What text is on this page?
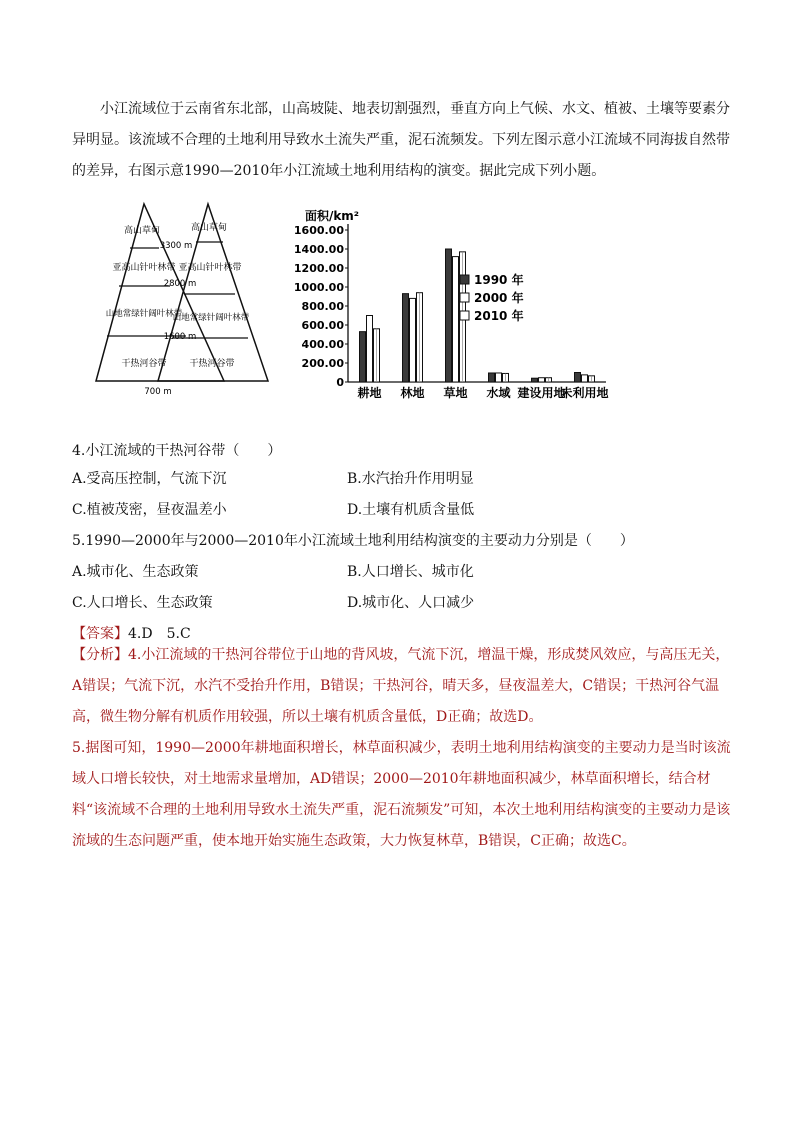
小江流域位于云南省东北部，山高坡陡、地表切割强烈，垂直方向上气候、水文、植被、土壤等要素分异明显。该流域不合理的土地利用导致水土流失严重，泥石流频发。下列左图示意小江流域不同海拔自然带的差异，右图示意1990—2010年小江流域土地利用结构的演变。据此完成下列小题。

高山草甸
亚高山针叶林带
山地常绿针阔叶林带
干热河谷带
高山草甸
亚高山针叶林带
山地常绿针阔叶林带
干热河谷带
3300 m
2800 m
1600 m
700 m
面积/km²
0
200.00
400.00
600.00
800.00
1000.00
1200.00
1400.00
1600.00
耕地 林地 草地 水域 建设用地
未利用地
1990 年
2000 年
2010 年

4.小江流域的干热河谷带（　　）

A.受高压控制，气流下沉	B.水汽抬升作用明显

C.植被茂密，昼夜温差小	D.土壤有机质含量低

5.1990—2000年与2000—2010年小江流域土地利用结构演变的主要动力分别是（　　）

A.城市化、生态政策	B.人口增长、城市化

C.人口增长、生态政策	D.城市化、人口减少

【答案】4.D　5.C

【分析】4.小江流域的干热河谷带位于山地的背风坡，气流下沉，增温干燥，形成焚风效应，与高压无关，A错误；气流下沉，水汽不受抬升作用，B错误；干热河谷，晴天多，昼夜温差大，C错误；干热河谷气温高，微生物分解有机质作用较强，所以土壤有机质含量低，D正确；故选D。

5.据图可知，1990—2000年耕地面积增长，林草面积减少，表明土地利用结构演变的主要动力是当时该流域人口增长较快，对土地需求量增加，AD错误；2000—2010年耕地面积减少，林草面积增长，结合材料“该流域不合理的土地利用导致水土流失严重，泥石流频发”可知，本次土地利用结构演变的主要动力是该流域的生态问题严重，使本地开始实施生态政策，大力恢复林草，B错误，C正确；故选C。
